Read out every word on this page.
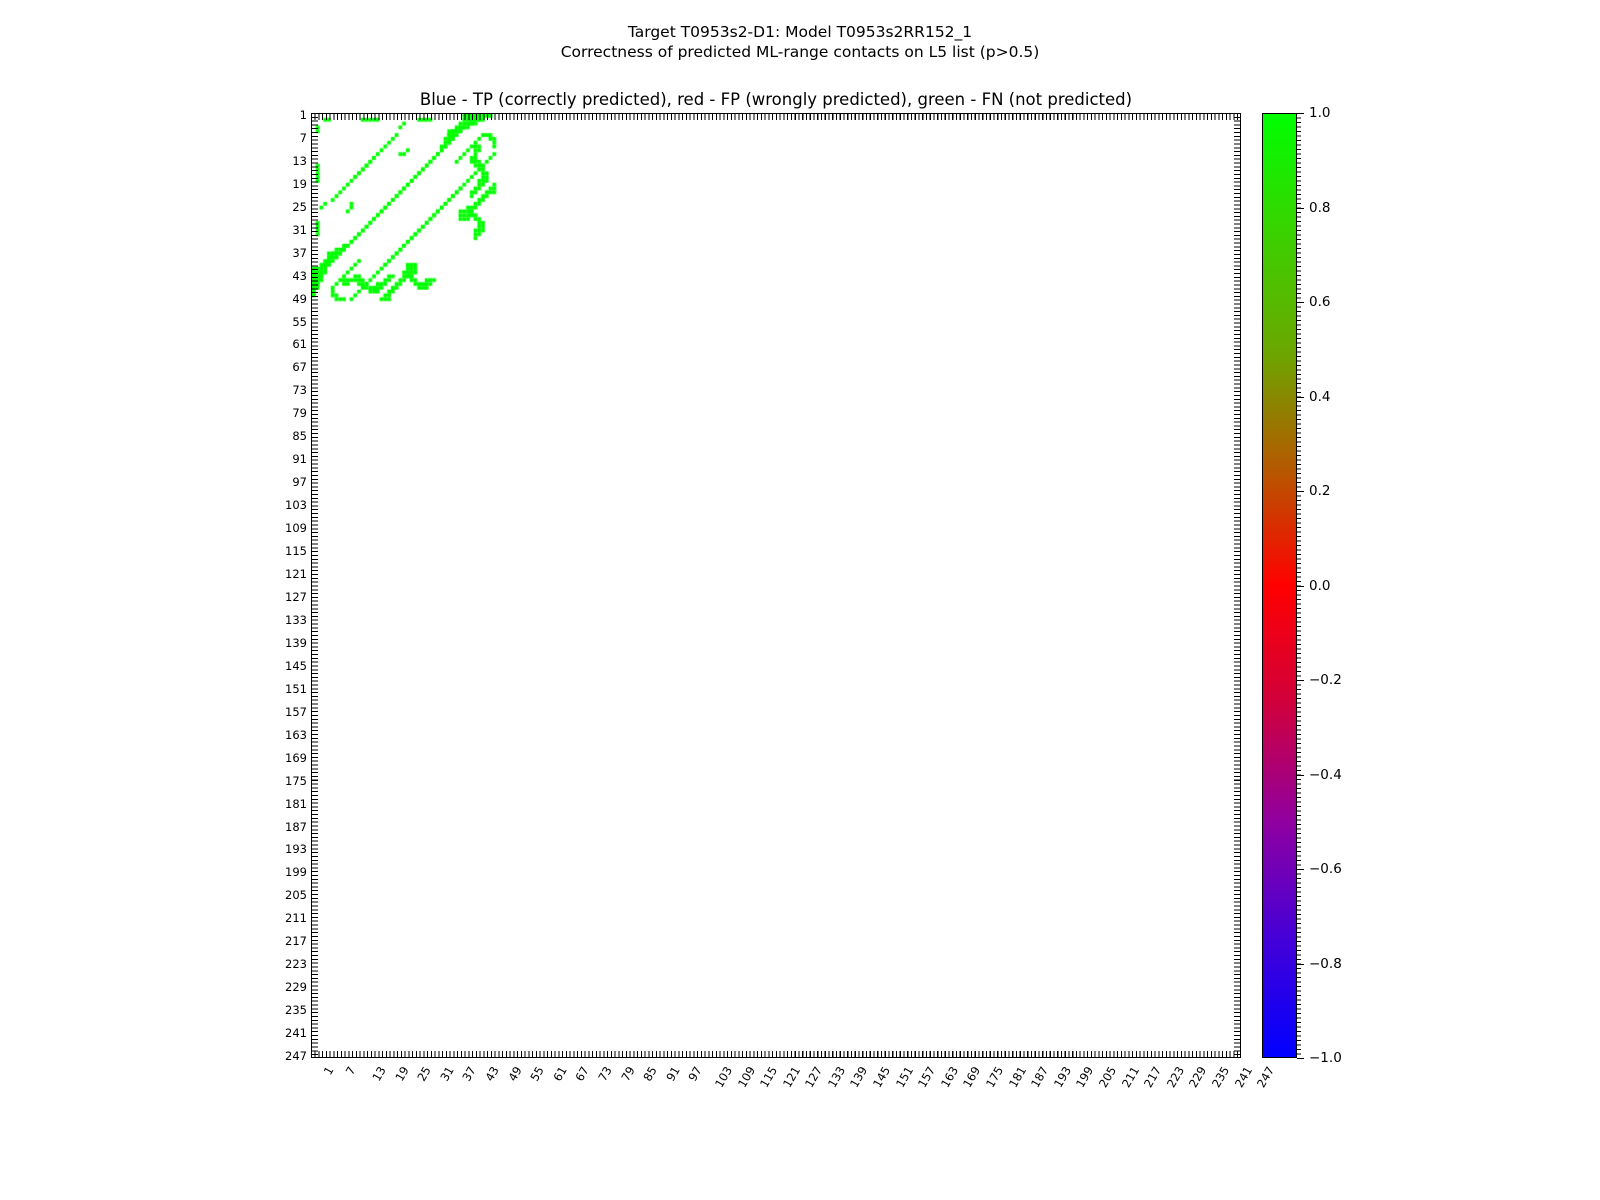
Target T0953s2-D1: Model T0953s2RR152_1
Correctness of predicted ML-range contacts on L5 list (p>0.5)
Blue - TP (correctly predicted), red - FP (wrongly predicted), green - FN (not predicted)
1
7
13
19
25
31
37
43
49
55
61
67
73
79
85
91
97
103
109
115
121
127
133
139
145
151
157
163
169
175
181
187
193
199
205
211
217
223
229
235
241
247
1 7 13 19 25 31 37 43 49 55 61 67 73 79 85 91 97 103 109 115 121 127 133 139 145 151 157 163 169 175 181 187 193 199 205 211 217 223 229 235 241 247
1.0
0.8
0.6
0.4
0.2
0.0
−0.2
−0.4
−0.6
−0.8
−1.0
